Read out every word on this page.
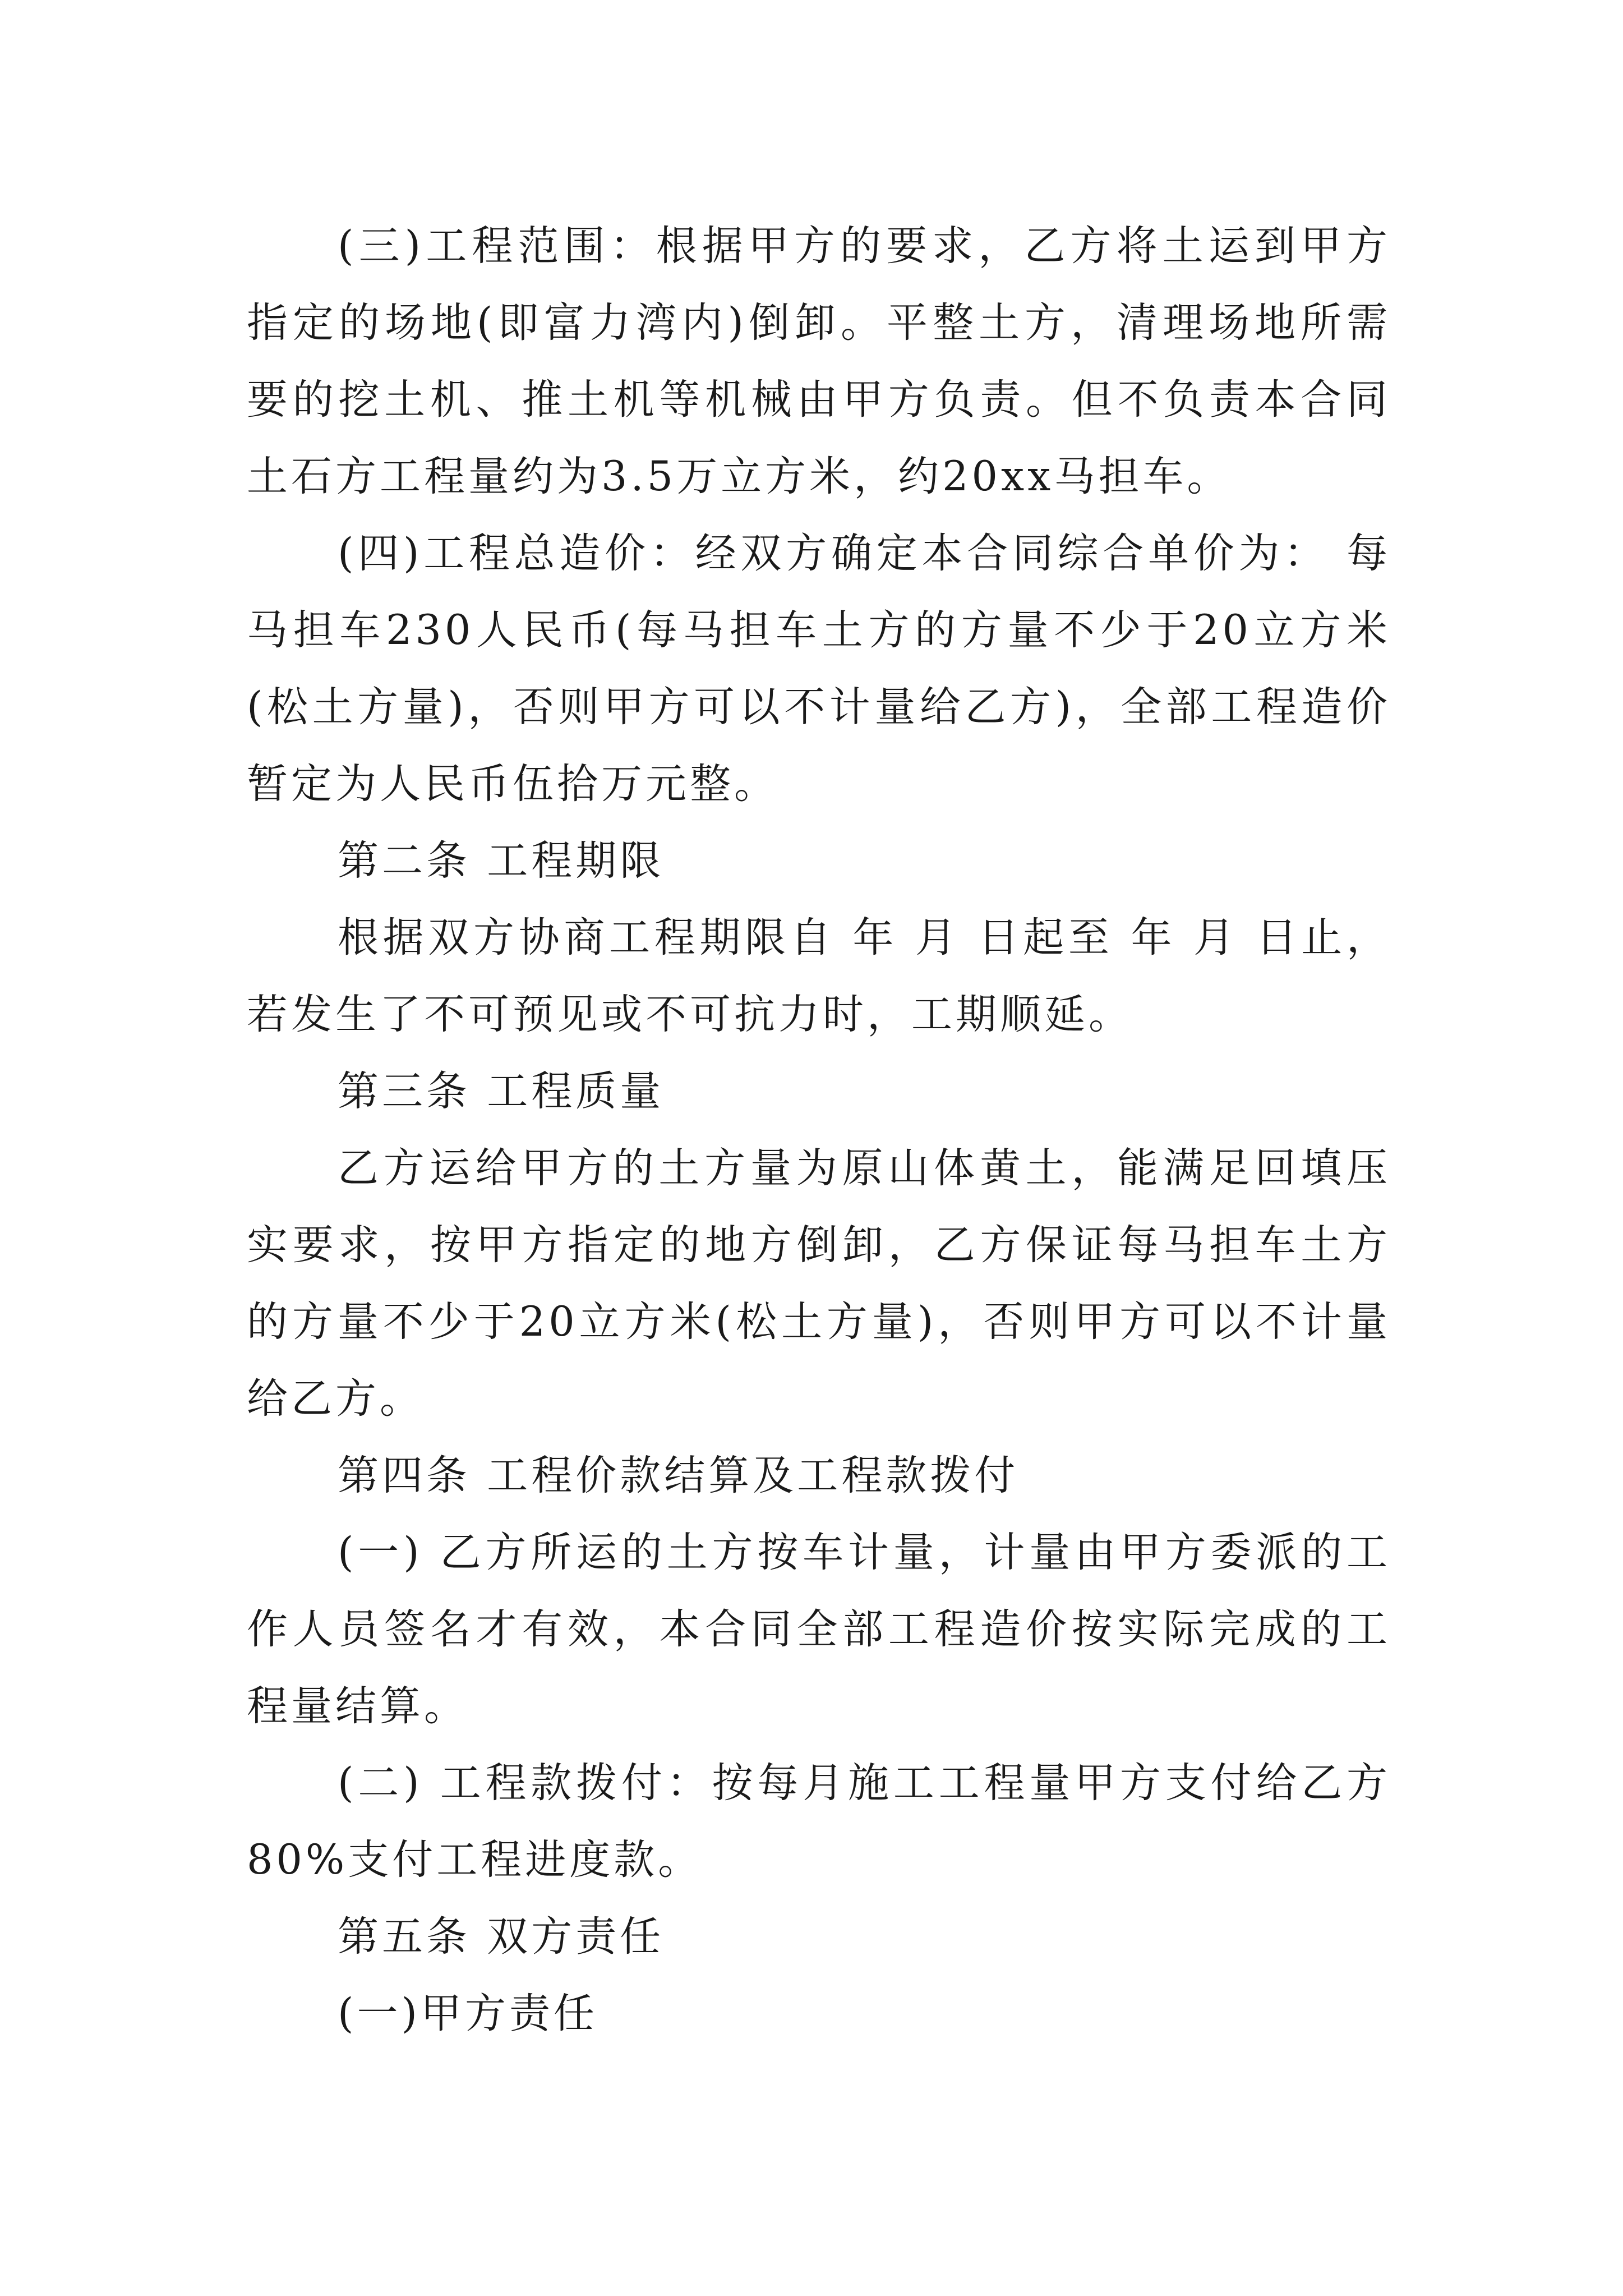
(三)工程范围：根据甲方的要求，乙方将土运到甲方指定的场地(即富力湾内)倒卸。平整土方，清理场地所需要的挖土机、推土机等机械由甲方负责。但不负责本合同土石方工程量约为3.5万立方米，约20xx马担车。

(四)工程总造价：经双方确定本合同综合单价为： 每马担车230人民币(每马担车土方的方量不少于20立方米(松土方量)，否则甲方可以不计量给乙方)，全部工程造价暂定为人民币伍拾万元整。

第二条 工程期限

根据双方协商工程期限自 年 月 日起至 年 月 日止，若发生了不可预见或不可抗力时，工期顺延。

第三条 工程质量

乙方运给甲方的土方量为原山体黄土，能满足回填压实要求，按甲方指定的地方倒卸，乙方保证每马担车土方的方量不少于20立方米(松土方量)，否则甲方可以不计量给乙方。

第四条 工程价款结算及工程款拨付

(一) 乙方所运的土方按车计量，计量由甲方委派的工作人员签名才有效，本合同全部工程造价按实际完成的工程量结算。

(二) 工程款拨付：按每月施工工程量甲方支付给乙方80%支付工程进度款。

第五条 双方责任

(一)甲方责任
